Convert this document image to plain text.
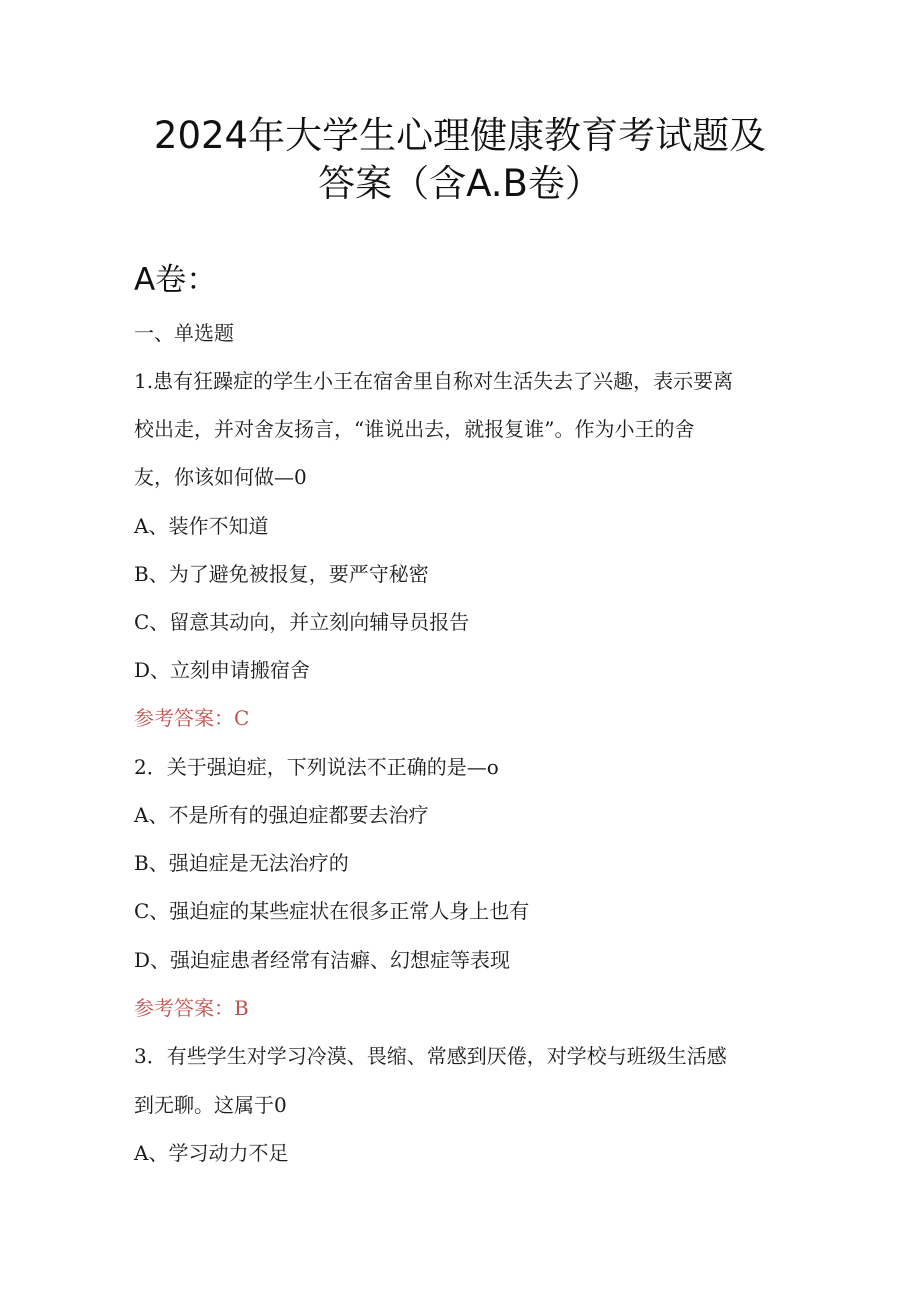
2024年大学生心理健康教育考试题及
答案（含A.B卷）
A卷：
一、单选题
1.患有狂躁症的学生小王在宿舍里自称对生活失去了兴趣，表示要离
校出走，并对舍友扬言，“谁说出去，就报复谁”。作为小王的舍
友，你该如何做—0
A、装作不知道
B、为了避免被报复，要严守秘密
C、留意其动向，并立刻向辅导员报告
D、立刻申请搬宿舍
参考答案：C
2．关于强迫症，下列说法不正确的是—o
A、不是所有的强迫症都要去治疗
B、强迫症是无法治疗的
C、强迫症的某些症状在很多正常人身上也有
D、强迫症患者经常有洁癖、幻想症等表现
参考答案：B
3．有些学生对学习冷漠、畏缩、常感到厌倦，对学校与班级生活感
到无聊。这属于0
A、学习动力不足
